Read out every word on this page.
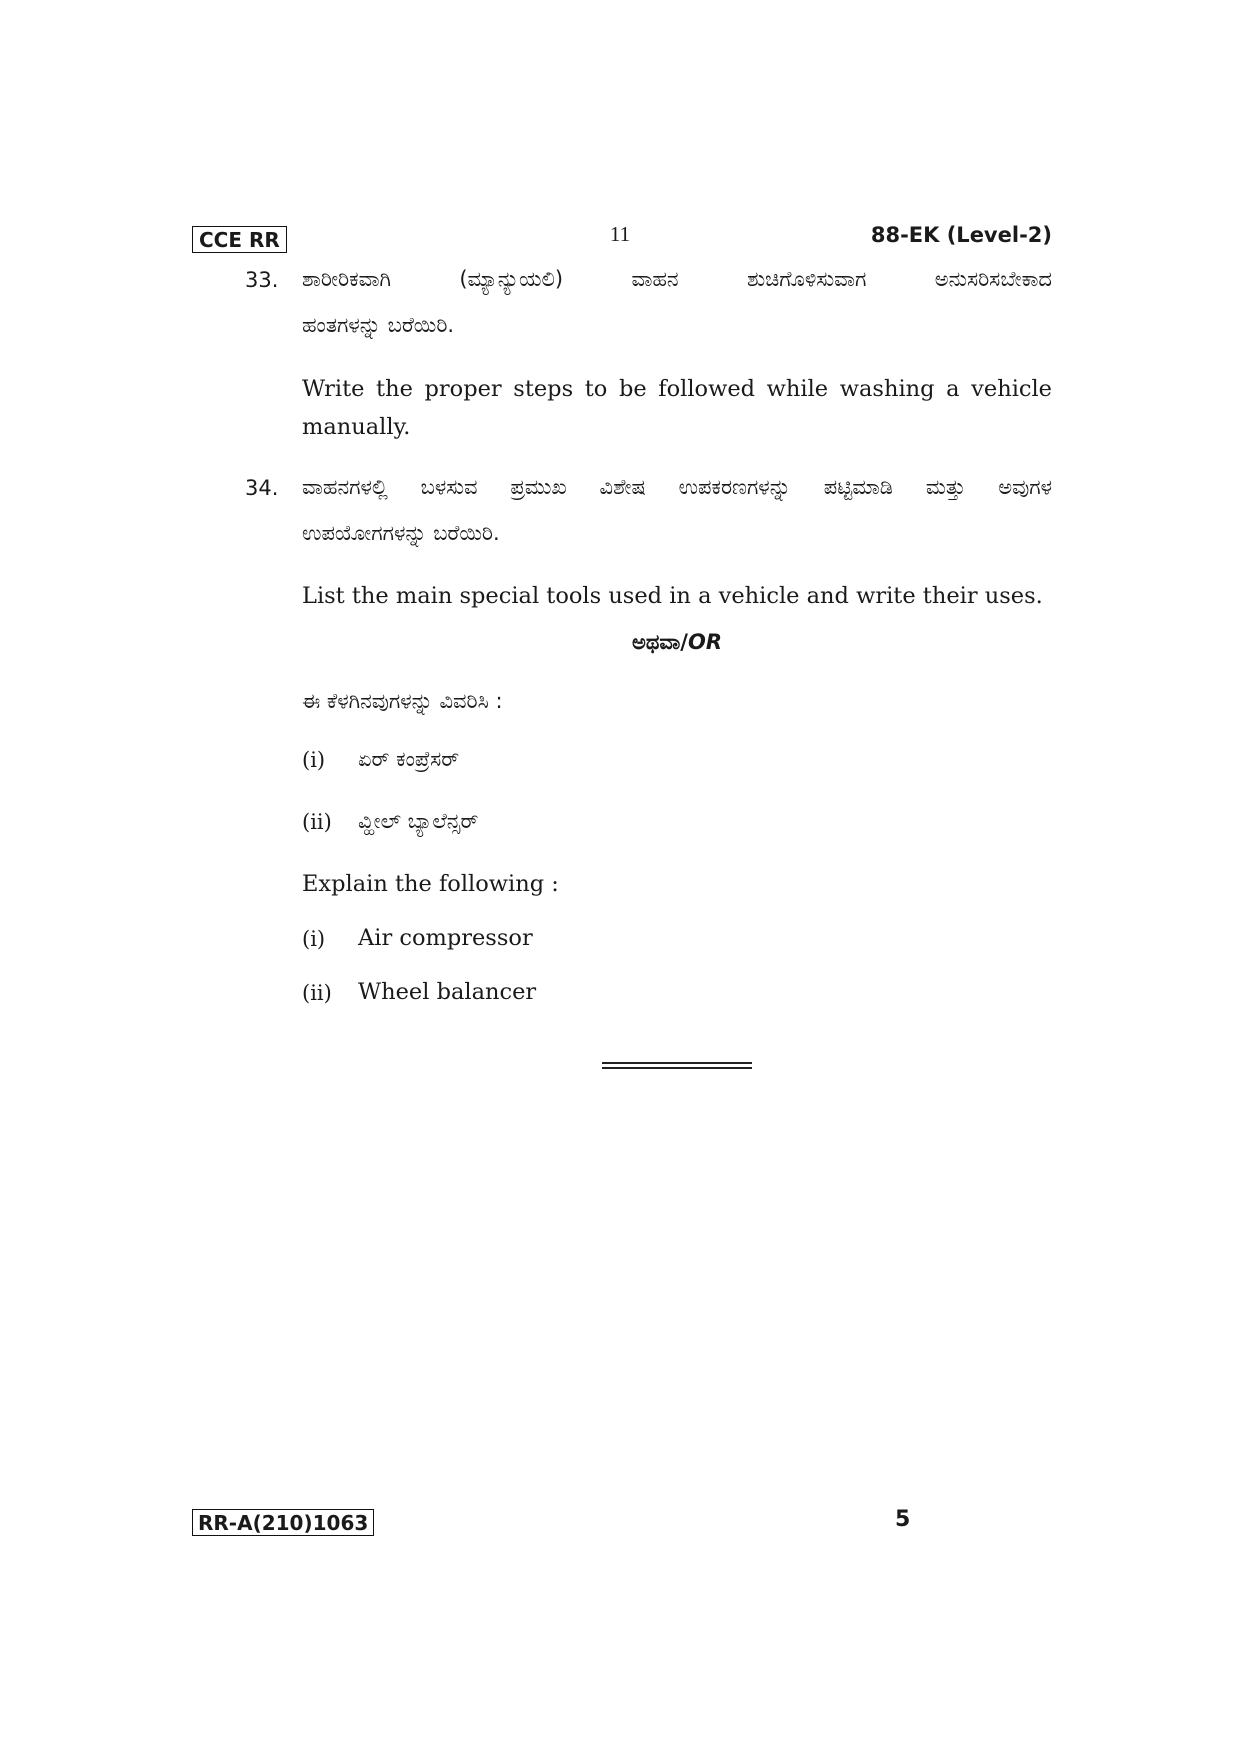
CCE RR	11	88-EK (Level-2)
33. ಶಾರೀರಿಕವಾಗಿ (ಮ್ಯಾನ್ಯುಯಲಿ) ವಾಹನ ಶುಚಿಗೊಳಿಸುವಾಗ ಅನುಸರಿಸಬೇಕಾದ
ಹಂತಗಳನ್ನು ಬರೆಯಿರಿ.
Write the proper steps to be followed while washing a vehicle manually.
34. ವಾಹನಗಳಲ್ಲಿ ಬಳಸುವ ಪ್ರಮುಖ ವಿಶೇಷ ಉಪಕರಣಗಳನ್ನು ಪಟ್ಟಿಮಾಡಿ ಮತ್ತು ಅವುಗಳ
ಉಪಯೋಗಗಳನ್ನು ಬರೆಯಿರಿ.
List the main special tools used in a vehicle and write their uses.
ಅಥವಾ/OR
ಈ ಕೆಳಗಿನವುಗಳನ್ನು ವಿವರಿಸಿ :
(i) ಏರ್ ಕಂಪ್ರೆಸರ್
(ii) ವ್ಹೀಲ್ ಬ್ಯಾಲೆನ್ಸರ್
Explain the following :
(i) Air compressor
(ii) Wheel balancer
RR-A(210)1063	5
